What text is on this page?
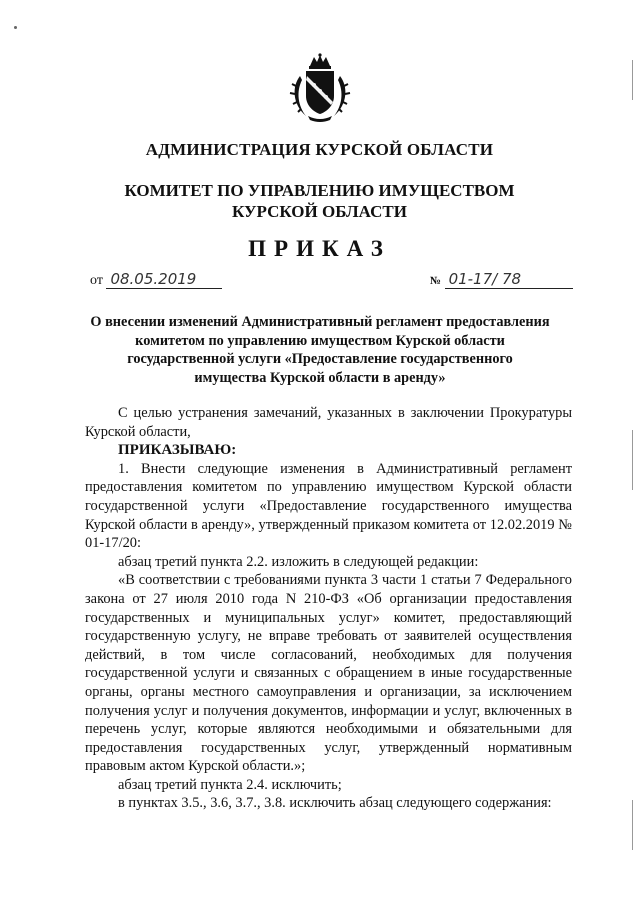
АДМИНИСТРАЦИЯ КУРСКОЙ ОБЛАСТИ
КОМИТЕТ ПО УПРАВЛЕНИЮ ИМУЩЕСТВОМ
КУРСКОЙ ОБЛАСТИ
ПРИКАЗ
от 08.05.2019	№ 01-17/ 78
О внесении изменений Административный регламент предоставления
комитетом по управлению имуществом Курской области
государственной услуги «Предоставление государственного
имущества Курской области в аренду»

С целью устранения замечаний, указанных в заключении Прокуратуры Курской области,

ПРИКАЗЫВАЮ:

1. Внести следующие изменения в Административный регламент предоставления комитетом по управлению имуществом Курской области государственной услуги «Предоставление государственного имущества Курской области в аренду», утвержденный приказом комитета от 12.02.2019 № 01-17/20:

абзац третий пункта 2.2. изложить в следующей редакции:

«В соответствии с требованиями пункта 3 части 1 статьи 7 Федерального закона от 27 июля 2010 года N 210-ФЗ «Об организации предоставления государственных и муниципальных услуг» комитет, предоставляющий государственную услугу, не вправе требовать от заявителей осуществления действий, в том числе согласований, необходимых для получения государственной услуги и связанных с обращением в иные государственные органы, органы местного самоуправления и организации, за исключением получения услуг и получения документов, информации и услуг, включенных в перечень услуг, которые являются необходимыми и обязательными для предоставления государственных услуг, утвержденный нормативным правовым актом Курской области.»;

абзац третий пункта 2.4. исключить;

в пунктах 3.5., 3.6, 3.7., 3.8. исключить абзац следующего содержания:
